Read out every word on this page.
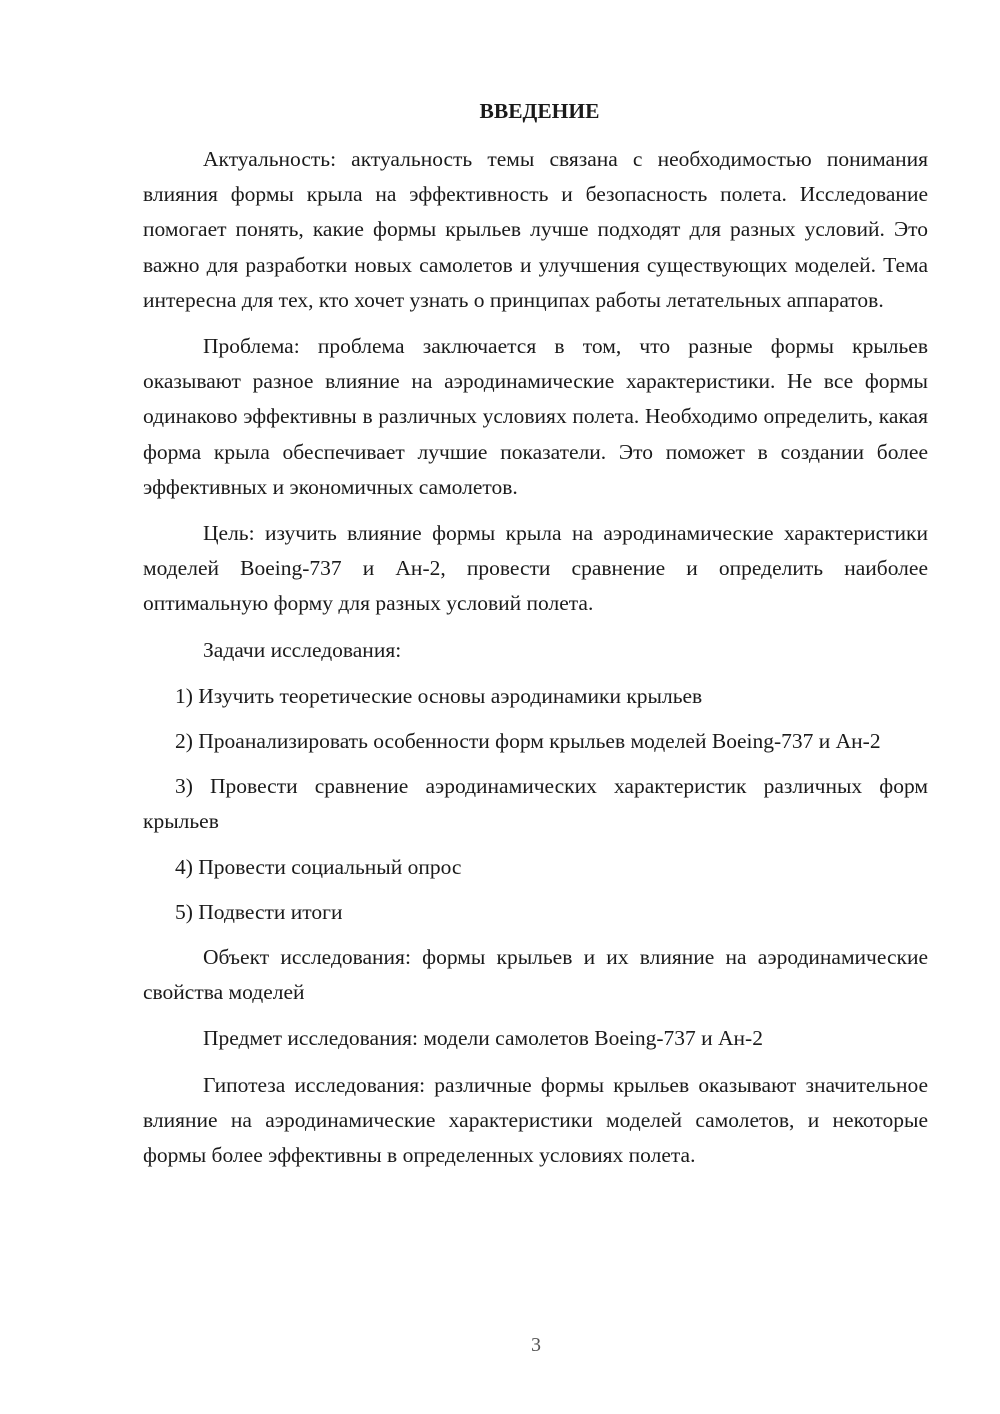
ВВЕДЕНИЕ

Актуальность: актуальность темы связана с необходимостью понимания влияния формы крыла на эффективность и безопасность полета. Исследование помогает понять, какие формы крыльев лучше подходят для разных условий. Это важно для разработки новых самолетов и улучшения существующих моделей. Тема интересна для тех, кто хочет узнать о принципах работы летательных аппаратов.

Проблема: проблема заключается в том, что разные формы крыльев оказывают разное влияние на аэродинамические характеристики. Не все формы одинаково эффективны в различных условиях полета. Необходимо определить, какая форма крыла обеспечивает лучшие показатели. Это поможет в создании более эффективных и экономичных самолетов.

Цель: изучить влияние формы крыла на аэродинамические характеристики моделей Boeing-737 и Ан-2, провести сравнение и определить наиболее оптимальную форму для разных условий полета.

Задачи исследования:

1) Изучить теоретические основы аэродинамики крыльев

2) Проанализировать особенности форм крыльев моделей Boeing-737 и Ан-2

3) Провести сравнение аэродинамических характеристик различных форм крыльев

4) Провести социальный опрос

5) Подвести итоги

Объект исследования: формы крыльев и их влияние на аэродинамические свойства моделей

Предмет исследования: модели самолетов Boeing-737 и Ан-2

Гипотеза исследования: различные формы крыльев оказывают значительное влияние на аэродинамические характеристики моделей самолетов, и некоторые формы более эффективны в определенных условиях полета.

3
